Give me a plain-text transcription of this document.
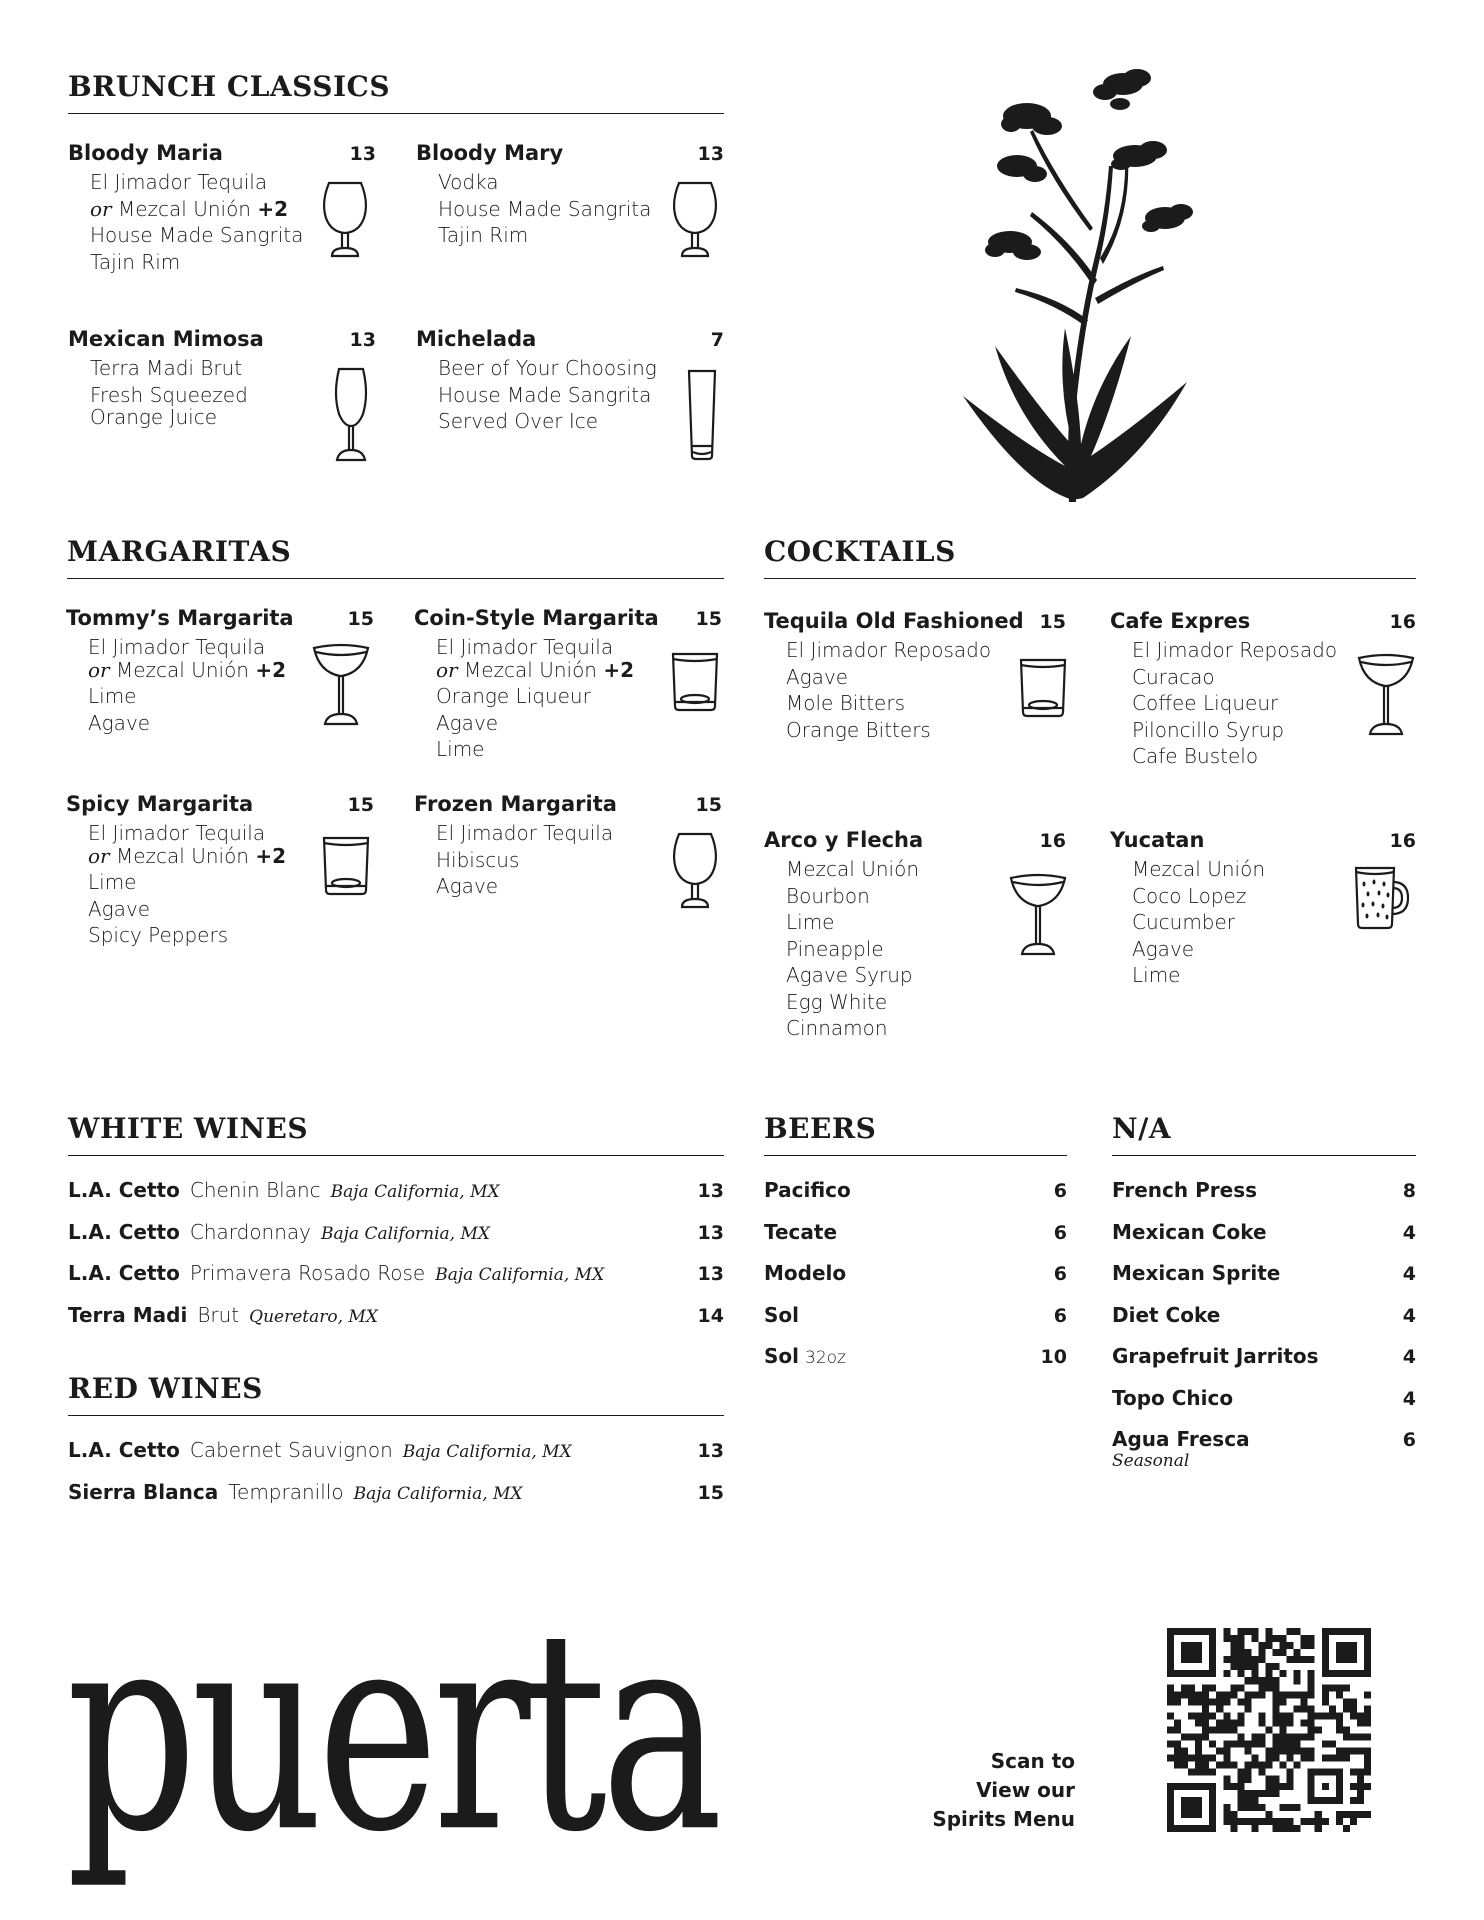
BRUNCH CLASSICS
Bloody Maria	13
El Jimador Tequila
or Mezcal Unión +2
House Made Sangrita
Tajin Rim
Bloody Mary	13
Vodka
House Made Sangrita
Tajin Rim
Mexican Mimosa	13
Terra Madi Brut
Fresh Squeezed
Orange Juice
Michelada	7
Beer of Your Choosing
House Made Sangrita
Served Over Ice
MARGARITAS
Tommy’s Margarita	15
El Jimador Tequila
or Mezcal Unión +2
Lime
Agave
Coin-Style Margarita 15
El Jimador Tequila
or Mezcal Unión +2
Orange Liqueur
Agave
Lime
Spicy Margarita	15
El Jimador Tequila
or Mezcal Unión +2
Lime
Agave
Spicy Peppers
Frozen Margarita	15
El Jimador Tequila
Hibiscus
Agave
COCKTAILS
Tequila Old Fashioned 15
El Jimador Reposado
Agave
Mole Bitters
Orange Bitters
Cafe Expres	16
El Jimador Reposado
Curacao
Coffee Liqueur
Piloncillo Syrup
Cafe Bustelo
Arco y Flecha	16
Mezcal Unión
Bourbon
Lime
Pineapple
Agave Syrup
Egg White
Cinnamon
Yucatan	16
Mezcal Unión
Coco Lopez
Cucumber
Agave
Lime
WHITE WINES
L.A. Cetto Chenin Blanc Baja California, MX	13
L.A. Cetto Chardonnay Baja California, MX	13
L.A. Cetto Primavera Rosado Rose Baja California, MX	13
Terra Madi Brut Queretaro, MX	14
RED WINES
L.A. Cetto Cabernet Sauvignon Baja California, MX	13
Sierra Blanca Tempranillo Baja California, MX	15
BEERS
Pacifico	6
Tecate	6
Modelo	6
Sol	6
Sol 32oz	10
N/A
French Press	8
Mexican Coke	4
Mexican Sprite	4
Diet Coke	4
Grapefruit Jarritos	4
Topo Chico	4
Agua Fresca	6
Seasonal
puerta	Scan to
View our
Spirits Menu
